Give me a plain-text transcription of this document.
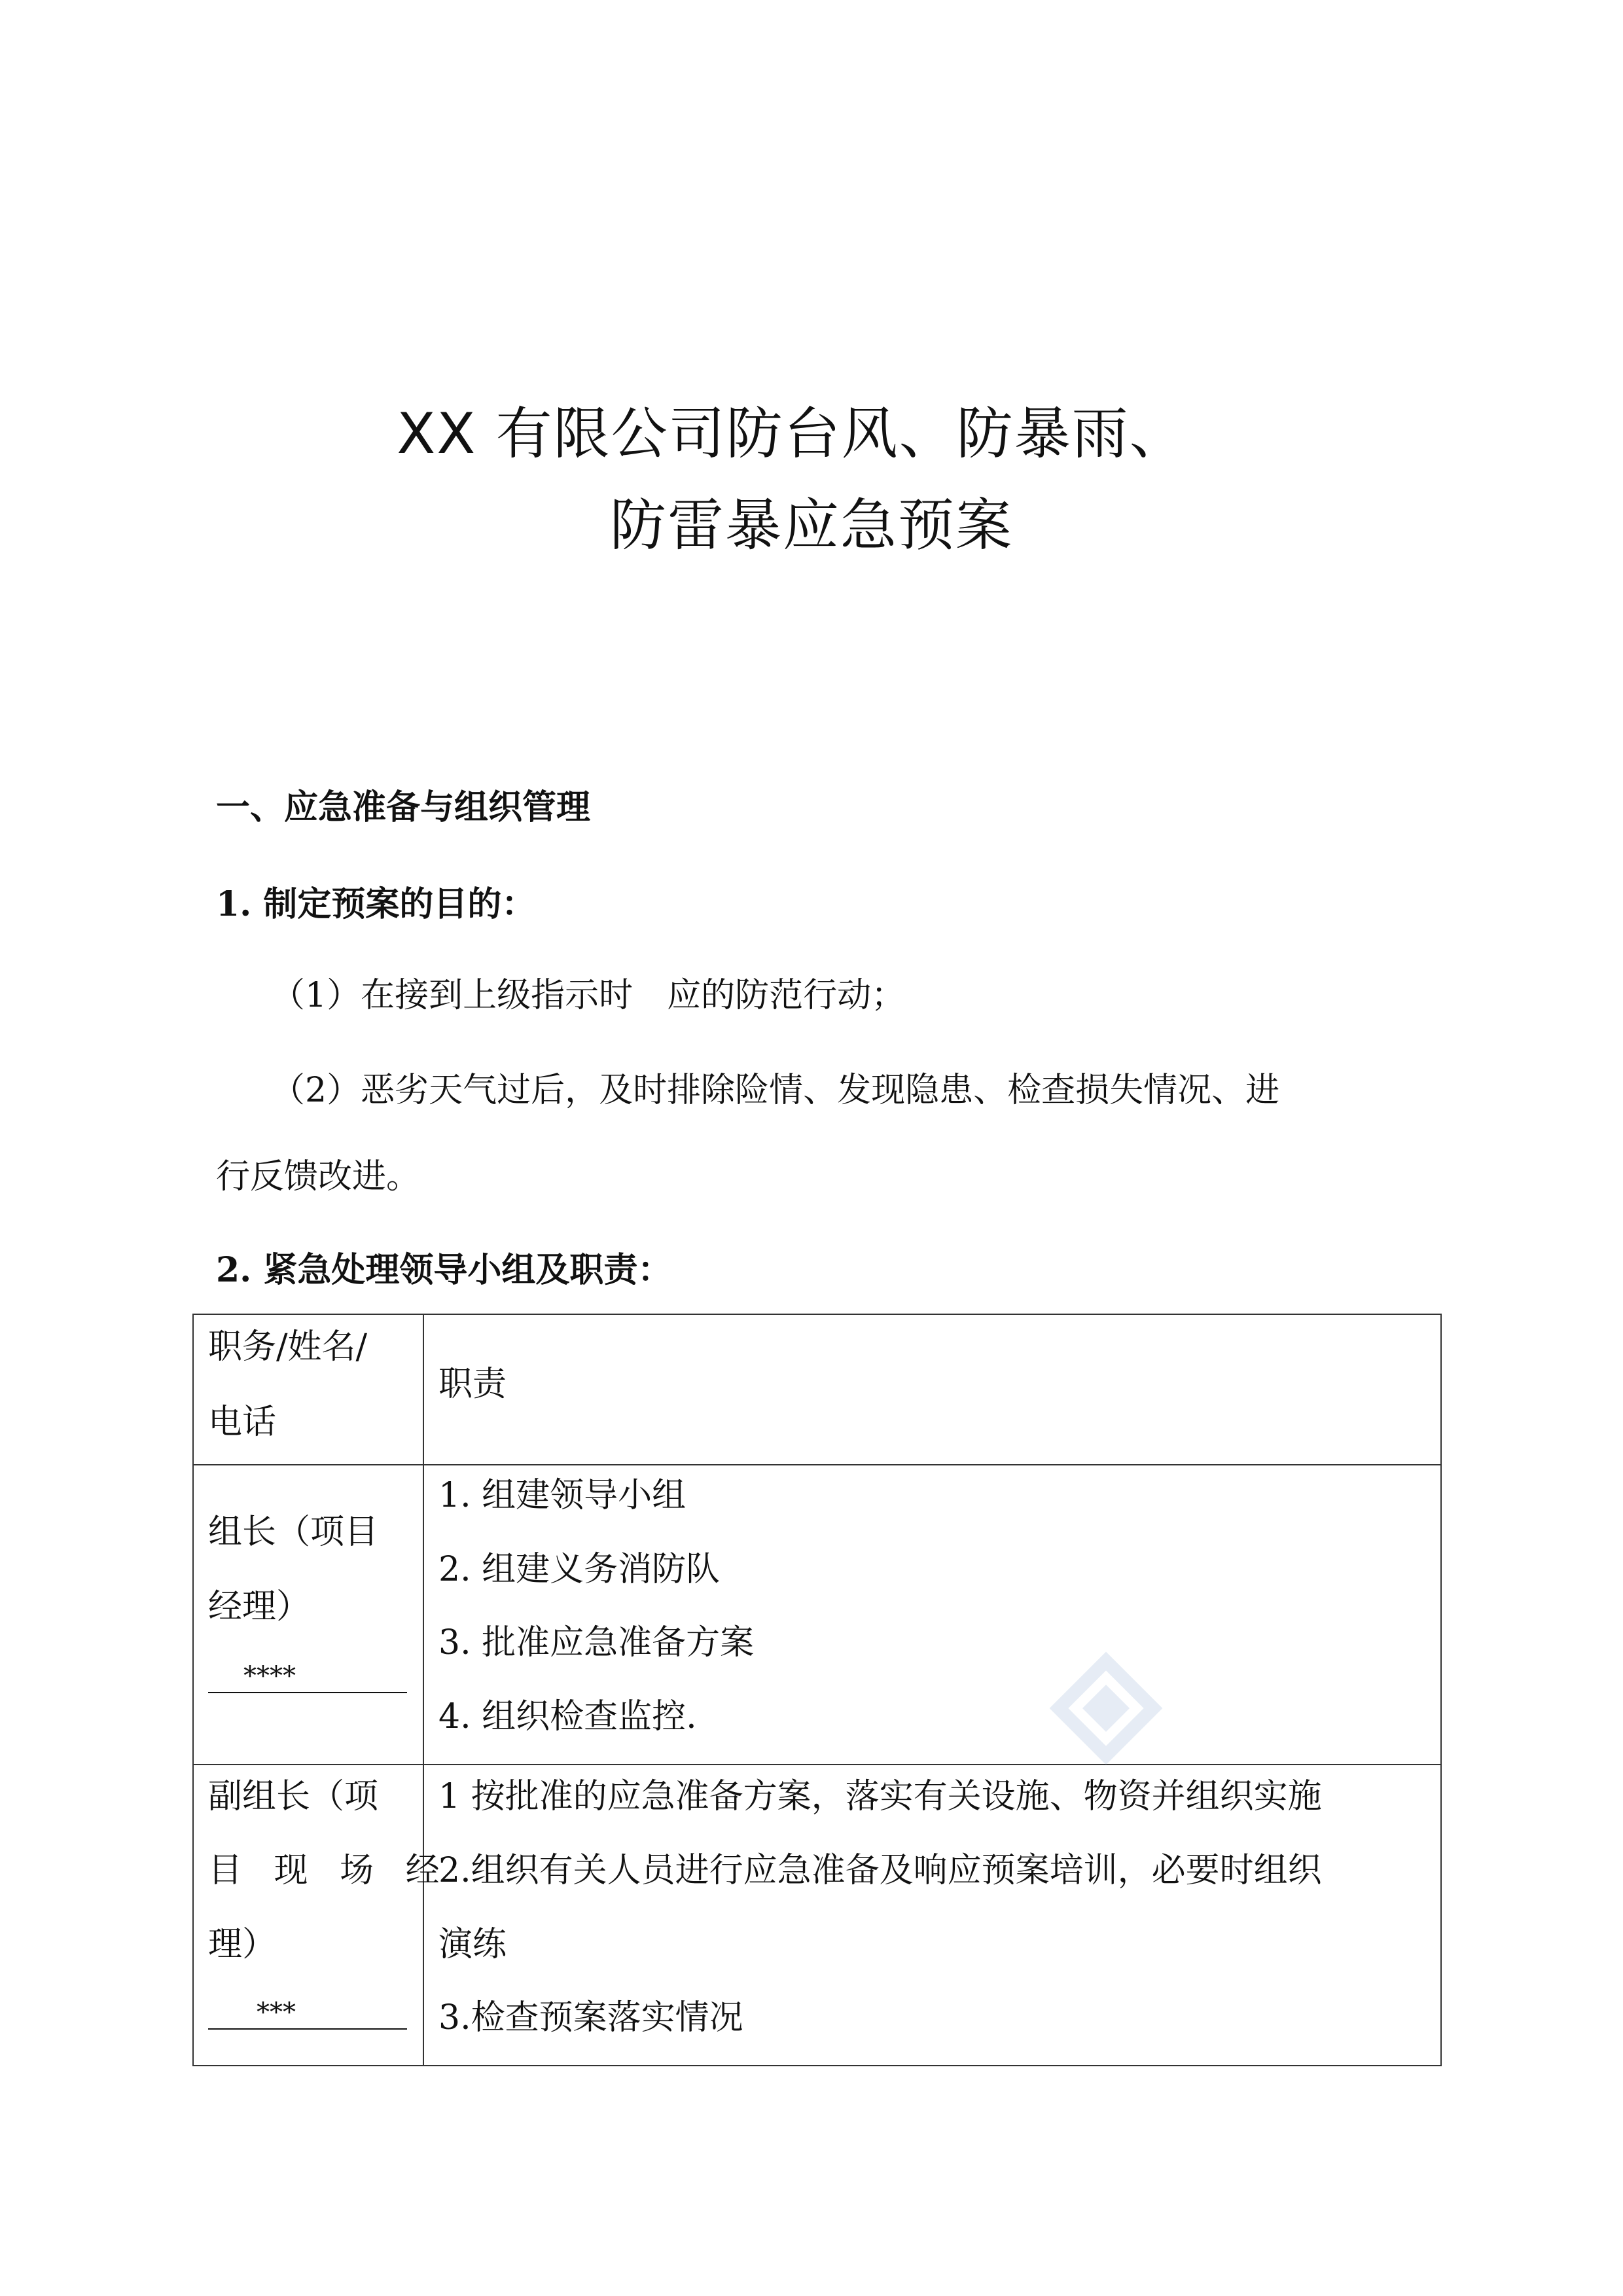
XX 有限公司防台风、防暴雨、
防雷暴应急预案
一、应急准备与组织管理
1. 制定预案的目的：

（1）在接到上级指示时　应的防范行动；

（2）恶劣天气过后，及时排除险情、发现隐患、检查损失情况、进

行反馈改进。

2. 紧急处理领导小组及职责：
职务/姓名/
电话
职责
组长（项目
经理）
****
1. 组建领导小组
2. 组建义务消防队
3. 批准应急准备方案
4. 组织检查监控.
副组长（项
目 现 场 经
理）
***
1 按批准的应急准备方案，落实有关设施、物资并组织实施
2.组织有关人员进行应急准备及响应预案培训，必要时组织
演练
3.检查预案落实情况
